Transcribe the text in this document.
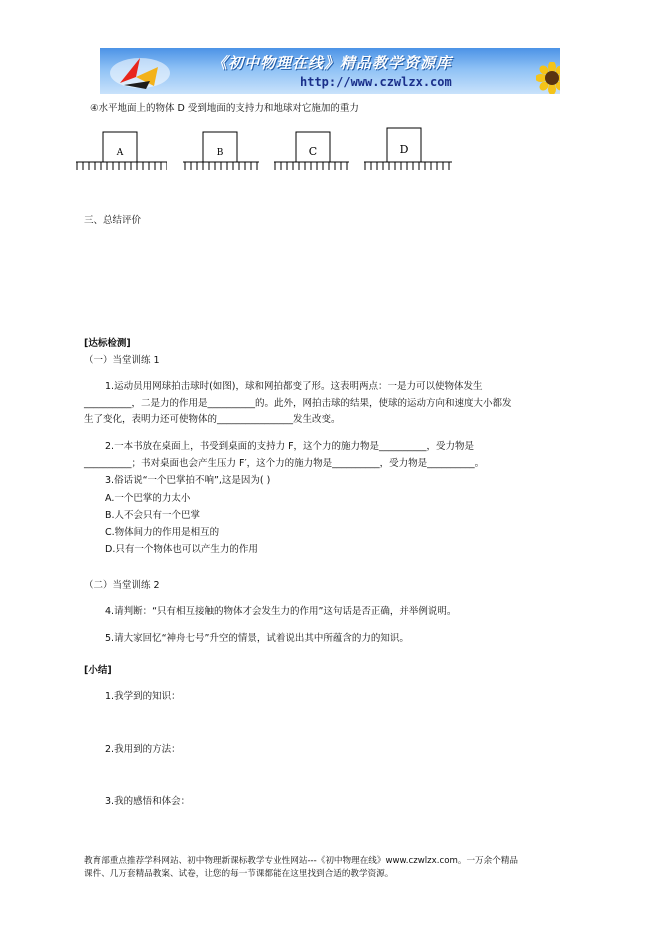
《初中物理在线》精品教学资源库
http://www.czwlzx.com
④水平地面上的物体 D 受到地面的支持力和地球对它施加的重力
A	B	C	D
三、总结评价
[达标检测]
（一）当堂训练 1
1.运动员用网球拍击球时(如图)，球和网拍都变了形。这表明两点：一是力可以使物体发生
__________，二是力的作用是__________的。此外，网拍击球的结果，使球的运动方向和速度大小都发
生了变化，表明力还可使物体的________________发生改变。
2.一本书放在桌面上，书受到桌面的支持力 F，这个力的施力物是__________，受力物是
__________；书对桌面也会产生压力 F′，这个力的施力物是__________，受力物是__________。
3.俗话说“一个巴掌拍不响”,这是因为( )
A.一个巴掌的力太小
B.人不会只有一个巴掌
C.物体间力的作用是相互的
D.只有一个物体也可以产生力的作用
（二）当堂训练 2
4.请判断：“只有相互接触的物体才会发生力的作用”这句话是否正确，并举例说明。
5.请大家回忆“神舟七号”升空的情景，试着说出其中所蕴含的力的知识。
[小结]
1.我学到的知识：
2.我用到的方法：
3.我的感悟和体会：
教育部重点推荐学科网站、初中物理新课标教学专业性网站---《初中物理在线》www.czwlzx.com。一万余个精品
课件、几万套精品教案、试卷，让您的每一节课都能在这里找到合适的教学资源。
